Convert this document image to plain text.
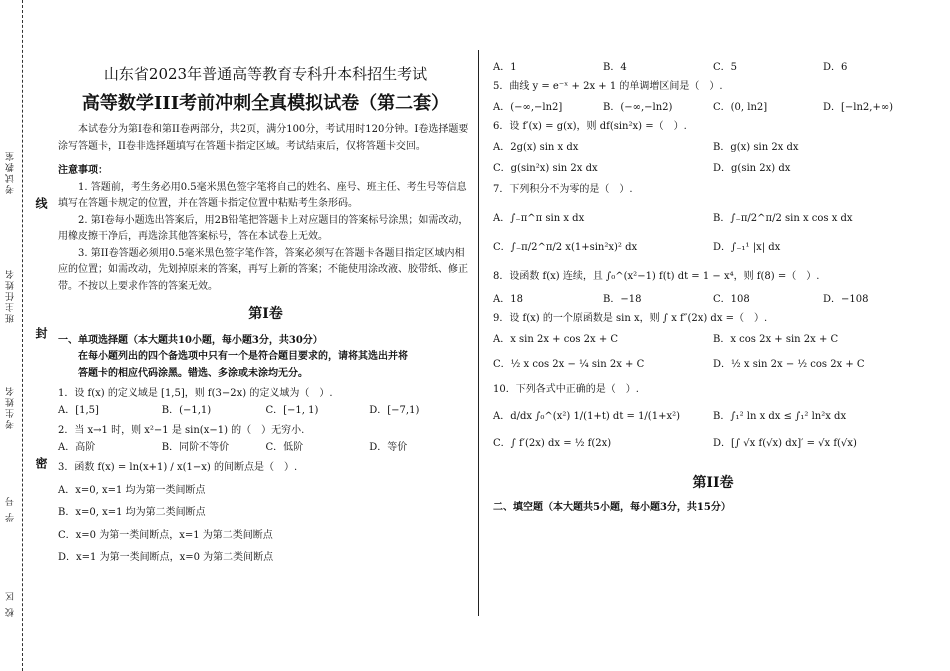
考试教室
班主任姓名
考生姓名
学 号
校 区
线
封
密
山东省2023年普通高等教育专科升本科招生考试
高等数学III考前冲刺全真模拟试卷（第二套）

本试卷分为第I卷和第II卷两部分，共2页，满分100分，考试用时120分钟。I卷选择题要涂写答题卡，II卷非选择题填写在答题卡指定区域。考试结束后，仅将答题卡交回。

注意事项：

1. 答题前，考生务必用0.5毫米黑色签字笔将自己的姓名、座号、班主任、考生号等信息填写在答题卡规定的位置，并在答题卡指定位置中粘贴考生条形码。

2. 第I卷每小题选出答案后，用2B铅笔把答题卡上对应题目的答案标号涂黑；如需改动，用橡皮擦干净后，再选涂其他答案标号，答在本试卷上无效。

3. 第II卷答题必须用0.5毫米黑色签字笔作答，答案必须写在答题卡各题目指定区域内相应的位置；如需改动，先划掉原来的答案，再写上新的答案；不能使用涂改液、胶带纸、修正带。不按以上要求作答的答案无效。

第I卷
一、单项选择题（本大题共10小题，每小题3分，共30分）
在每小题列出的四个备选项中只有一个是符合题目要求的，请将其选出并将
答题卡的相应代码涂黑。错选、多涂或未涂均无分。
1．设 f(x) 的定义域是 [1,5]，则 f(3−2x) 的定义域为（　）.
A．[1,5]	B．(−1,1)	C．[−1, 1)	D．[−7,1)
2．当 x→1 时，则 x²−1 是 sin(x−1) 的（　）无穷小.
A．高阶	B．同阶不等价	C．低阶	D．等价
3．函数 f(x) = ln(x+1) / x(1−x) 的间断点是（　）.
A．x=0, x=1 均为第一类间断点
B．x=0, x=1 均为第二类间断点
C．x=0 为第一类间断点，x=1 为第二类间断点
D．x=1 为第一类间断点，x=0 为第二类间断点
A．1	B．4	C．5	D．6
5．曲线 y = e⁻ˣ + 2x + 1 的单调增区间是（　）.
A．(−∞,−ln2]	B．(−∞,−ln2)	C．(0, ln2]	D．[−ln2,+∞)
6．设 f′(x) = g(x)，则 df(sin²x) =（　）.
A．2g(x) sin x dx	B．g(x) sin 2x dx
C．g(sin²x) sin 2x dx	D．g(sin 2x) dx
7．下列积分不为零的是（　）.
A．∫₋π^π sin x dx	B．∫₋π/2^π/2 sin x cos x dx
C．∫₋π/2^π/2 x(1+sin²x)² dx	D．∫₋₁¹ |x| dx
8．设函数 f(x) 连续，且 ∫₀^(x²−1) f(t) dt = 1 − x⁴，则 f(8) =（　）.
A．18	B．−18	C．108	D．−108
9．设 f(x) 的一个原函数是 sin x，则 ∫ x f″(2x) dx =（　）.
A．x sin 2x + cos 2x + C	B．x cos 2x + sin 2x + C
C．½ x cos 2x − ¼ sin 2x + C	D．½ x sin 2x − ½ cos 2x + C
10．下列各式中正确的是（　）.
A．d/dx ∫₀^(x²) 1/(1+t) dt = 1/(1+x²)	B．∫₁² ln x dx ≤ ∫₁² ln²x dx
C．∫ f′(2x) dx = ½ f(2x)	D．[∫ √x f(√x) dx]′ = √x f(√x)
第II卷
二、填空题（本大题共5小题，每小题3分，共15分）
